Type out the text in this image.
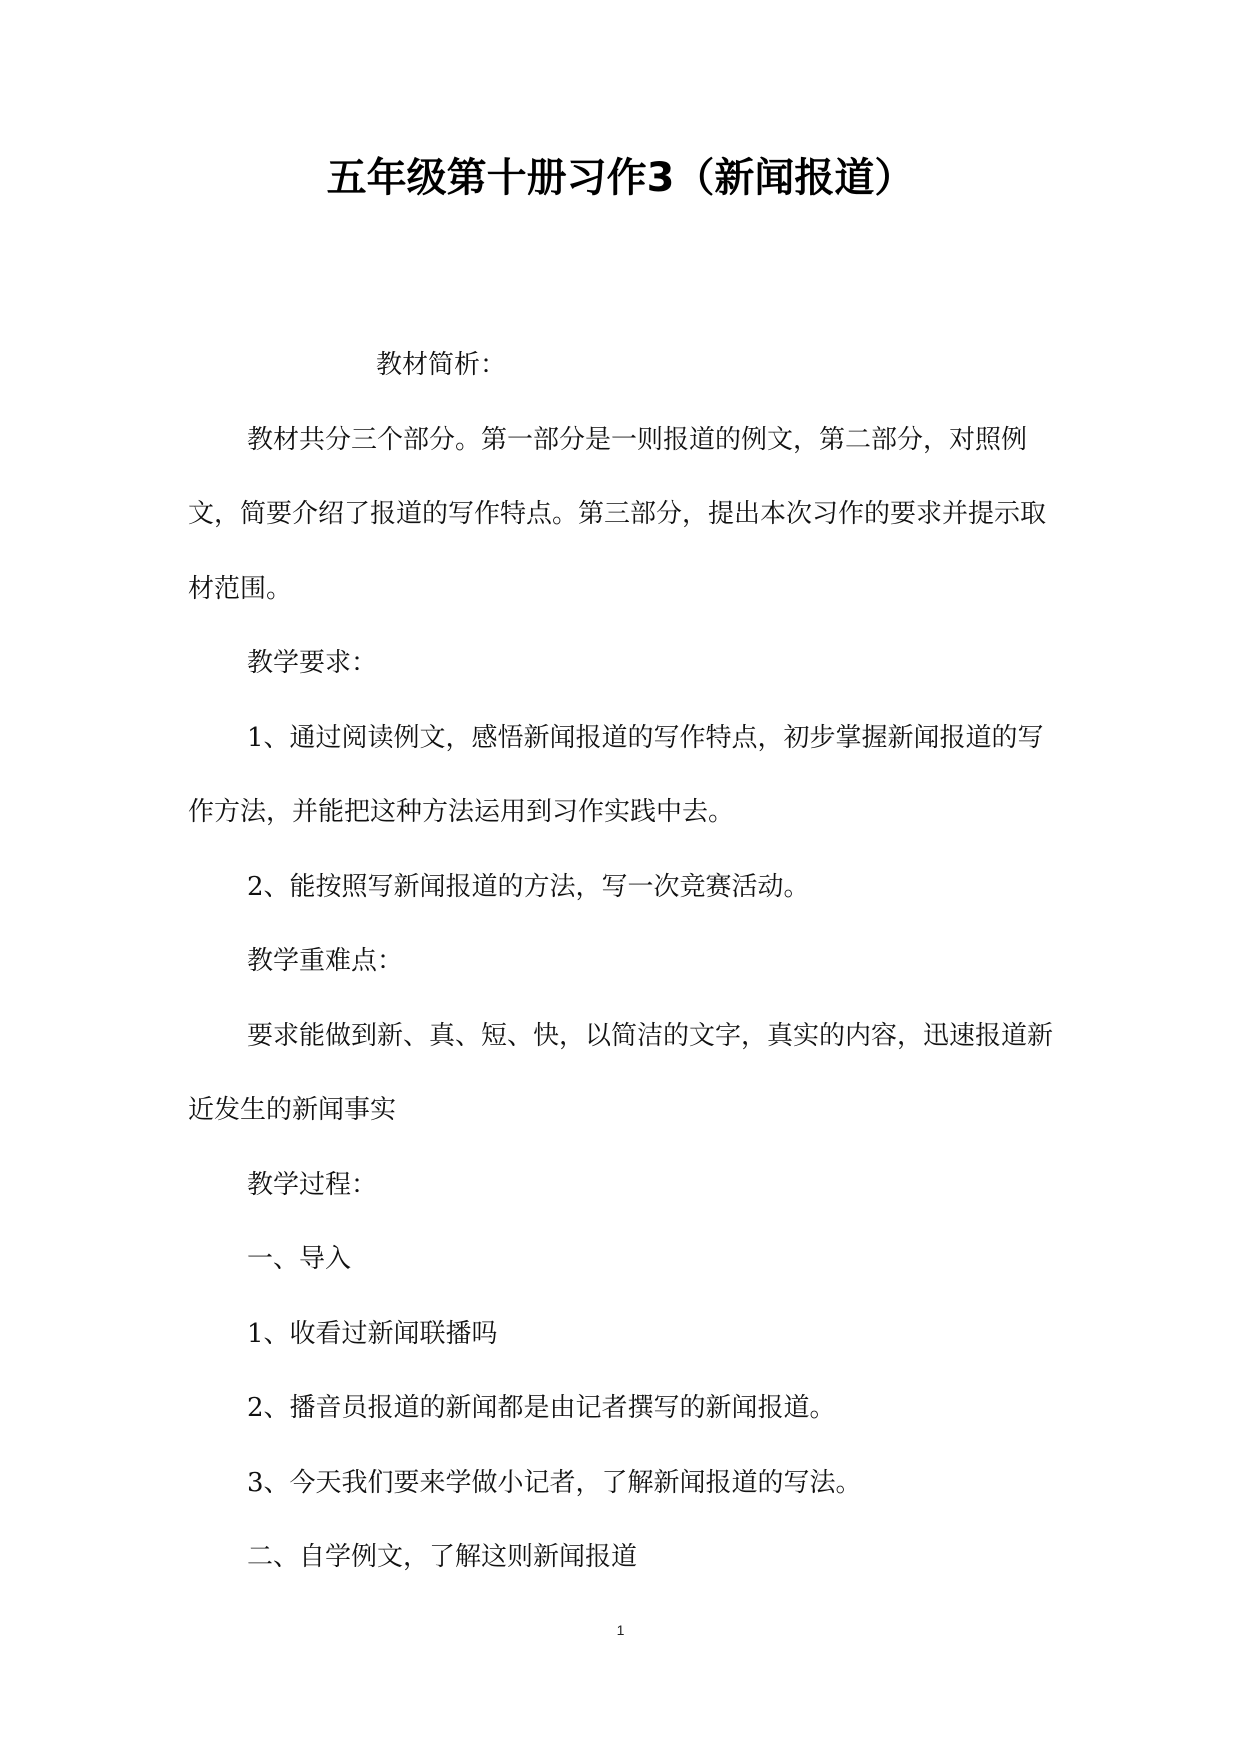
五年级第十册习作3（新闻报道）

教材简析：

教材共分三个部分。第一部分是一则报道的例文，第二部分，对照例文，简要介绍了报道的写作特点。第三部分，提出本次习作的要求并提示取材范围。

教学要求：

1、通过阅读例文，感悟新闻报道的写作特点，初步掌握新闻报道的写作方法，并能把这种方法运用到习作实践中去。

2、能按照写新闻报道的方法，写一次竞赛活动。

教学重难点：

要求能做到新、真、短、快，以简洁的文字，真实的内容，迅速报道新近发生的新闻事实

教学过程：

一、导入

1、收看过新闻联播吗

2、播音员报道的新闻都是由记者撰写的新闻报道。

3、今天我们要来学做小记者，了解新闻报道的写法。

二、自学例文，了解这则新闻报道

1
